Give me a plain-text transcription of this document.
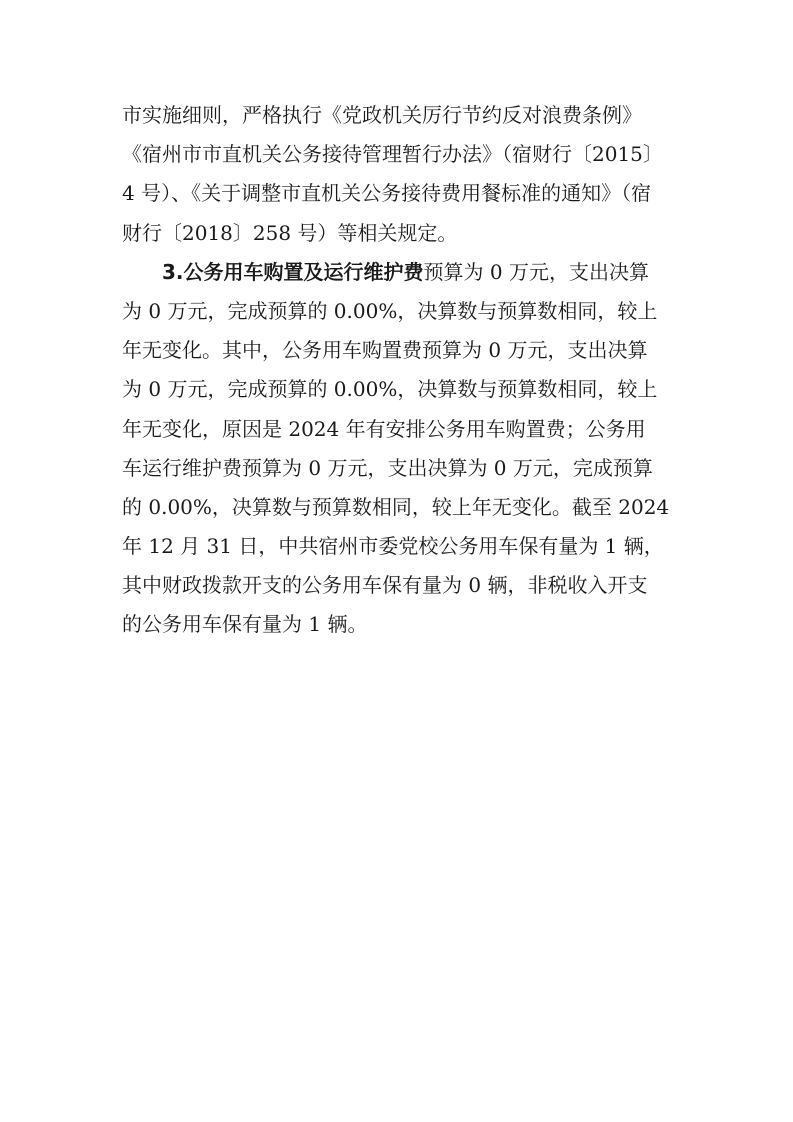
市实施细则，严格执行《党政机关厉行节约反对浪费条例》

《宿州市市直机关公务接待管理暂行办法》（宿财行〔2015〕

4 号）、《关于调整市直机关公务接待费用餐标准的通知》（宿

财行〔2018〕258 号）等相关规定。

3.公务用车购置及运行维护费预算为 0 万元，支出决算

为 0 万元，完成预算的 0.00%，决算数与预算数相同，较上

年无变化。其中，公务用车购置费预算为 0 万元，支出决算

为 0 万元，完成预算的 0.00%，决算数与预算数相同，较上

年无变化，原因是 2024 年有安排公务用车购置费；公务用

车运行维护费预算为 0 万元，支出决算为 0 万元，完成预算

的 0.00%，决算数与预算数相同，较上年无变化。截至 2024

年 12 月 31 日，中共宿州市委党校公务用车保有量为 1 辆，

其中财政拨款开支的公务用车保有量为 0 辆，非税收入开支

的公务用车保有量为 1 辆。
